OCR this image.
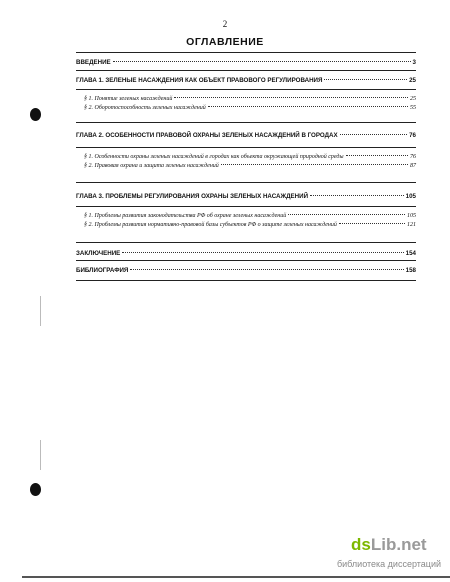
2
ОГЛАВЛЕНИЕ
ВВЕДЕНИЕ	3
ГЛАВА 1. ЗЕЛЕНЫЕ НАСАЖДЕНИЯ КАК ОБЪЕКТ ПРАВОВОГО РЕГУЛИРОВАНИЯ	25
§ 1. Понятие зеленых насаждений	25
§ 2. Оборотоспособность зеленых насаждений	55
ГЛАВА 2. ОСОБЕННОСТИ ПРАВОВОЙ ОХРАНЫ ЗЕЛЕНЫХ НАСАЖДЕНИЙ В ГОРОДАХ	76
§ 1. Особенности охраны зеленых насаждений в городах как объекта окружающей природной среды	76
§ 2. Правовая охрана и защита зеленых насаждений	87
ГЛАВА 3. ПРОБЛЕМЫ РЕГУЛИРОВАНИЯ ОХРАНЫ ЗЕЛЕНЫХ НАСАЖДЕНИЙ	105
§ 1. Проблемы развития законодательства РФ об охране зеленых насаждений	105
§ 2. Проблемы развития нормативно-правовой базы субъектов РФ о защите зеленых насаждений	121
ЗАКЛЮЧЕНИЕ	154
БИБЛИОГРАФИЯ	158
dsLib.net
библиотека диссертаций
